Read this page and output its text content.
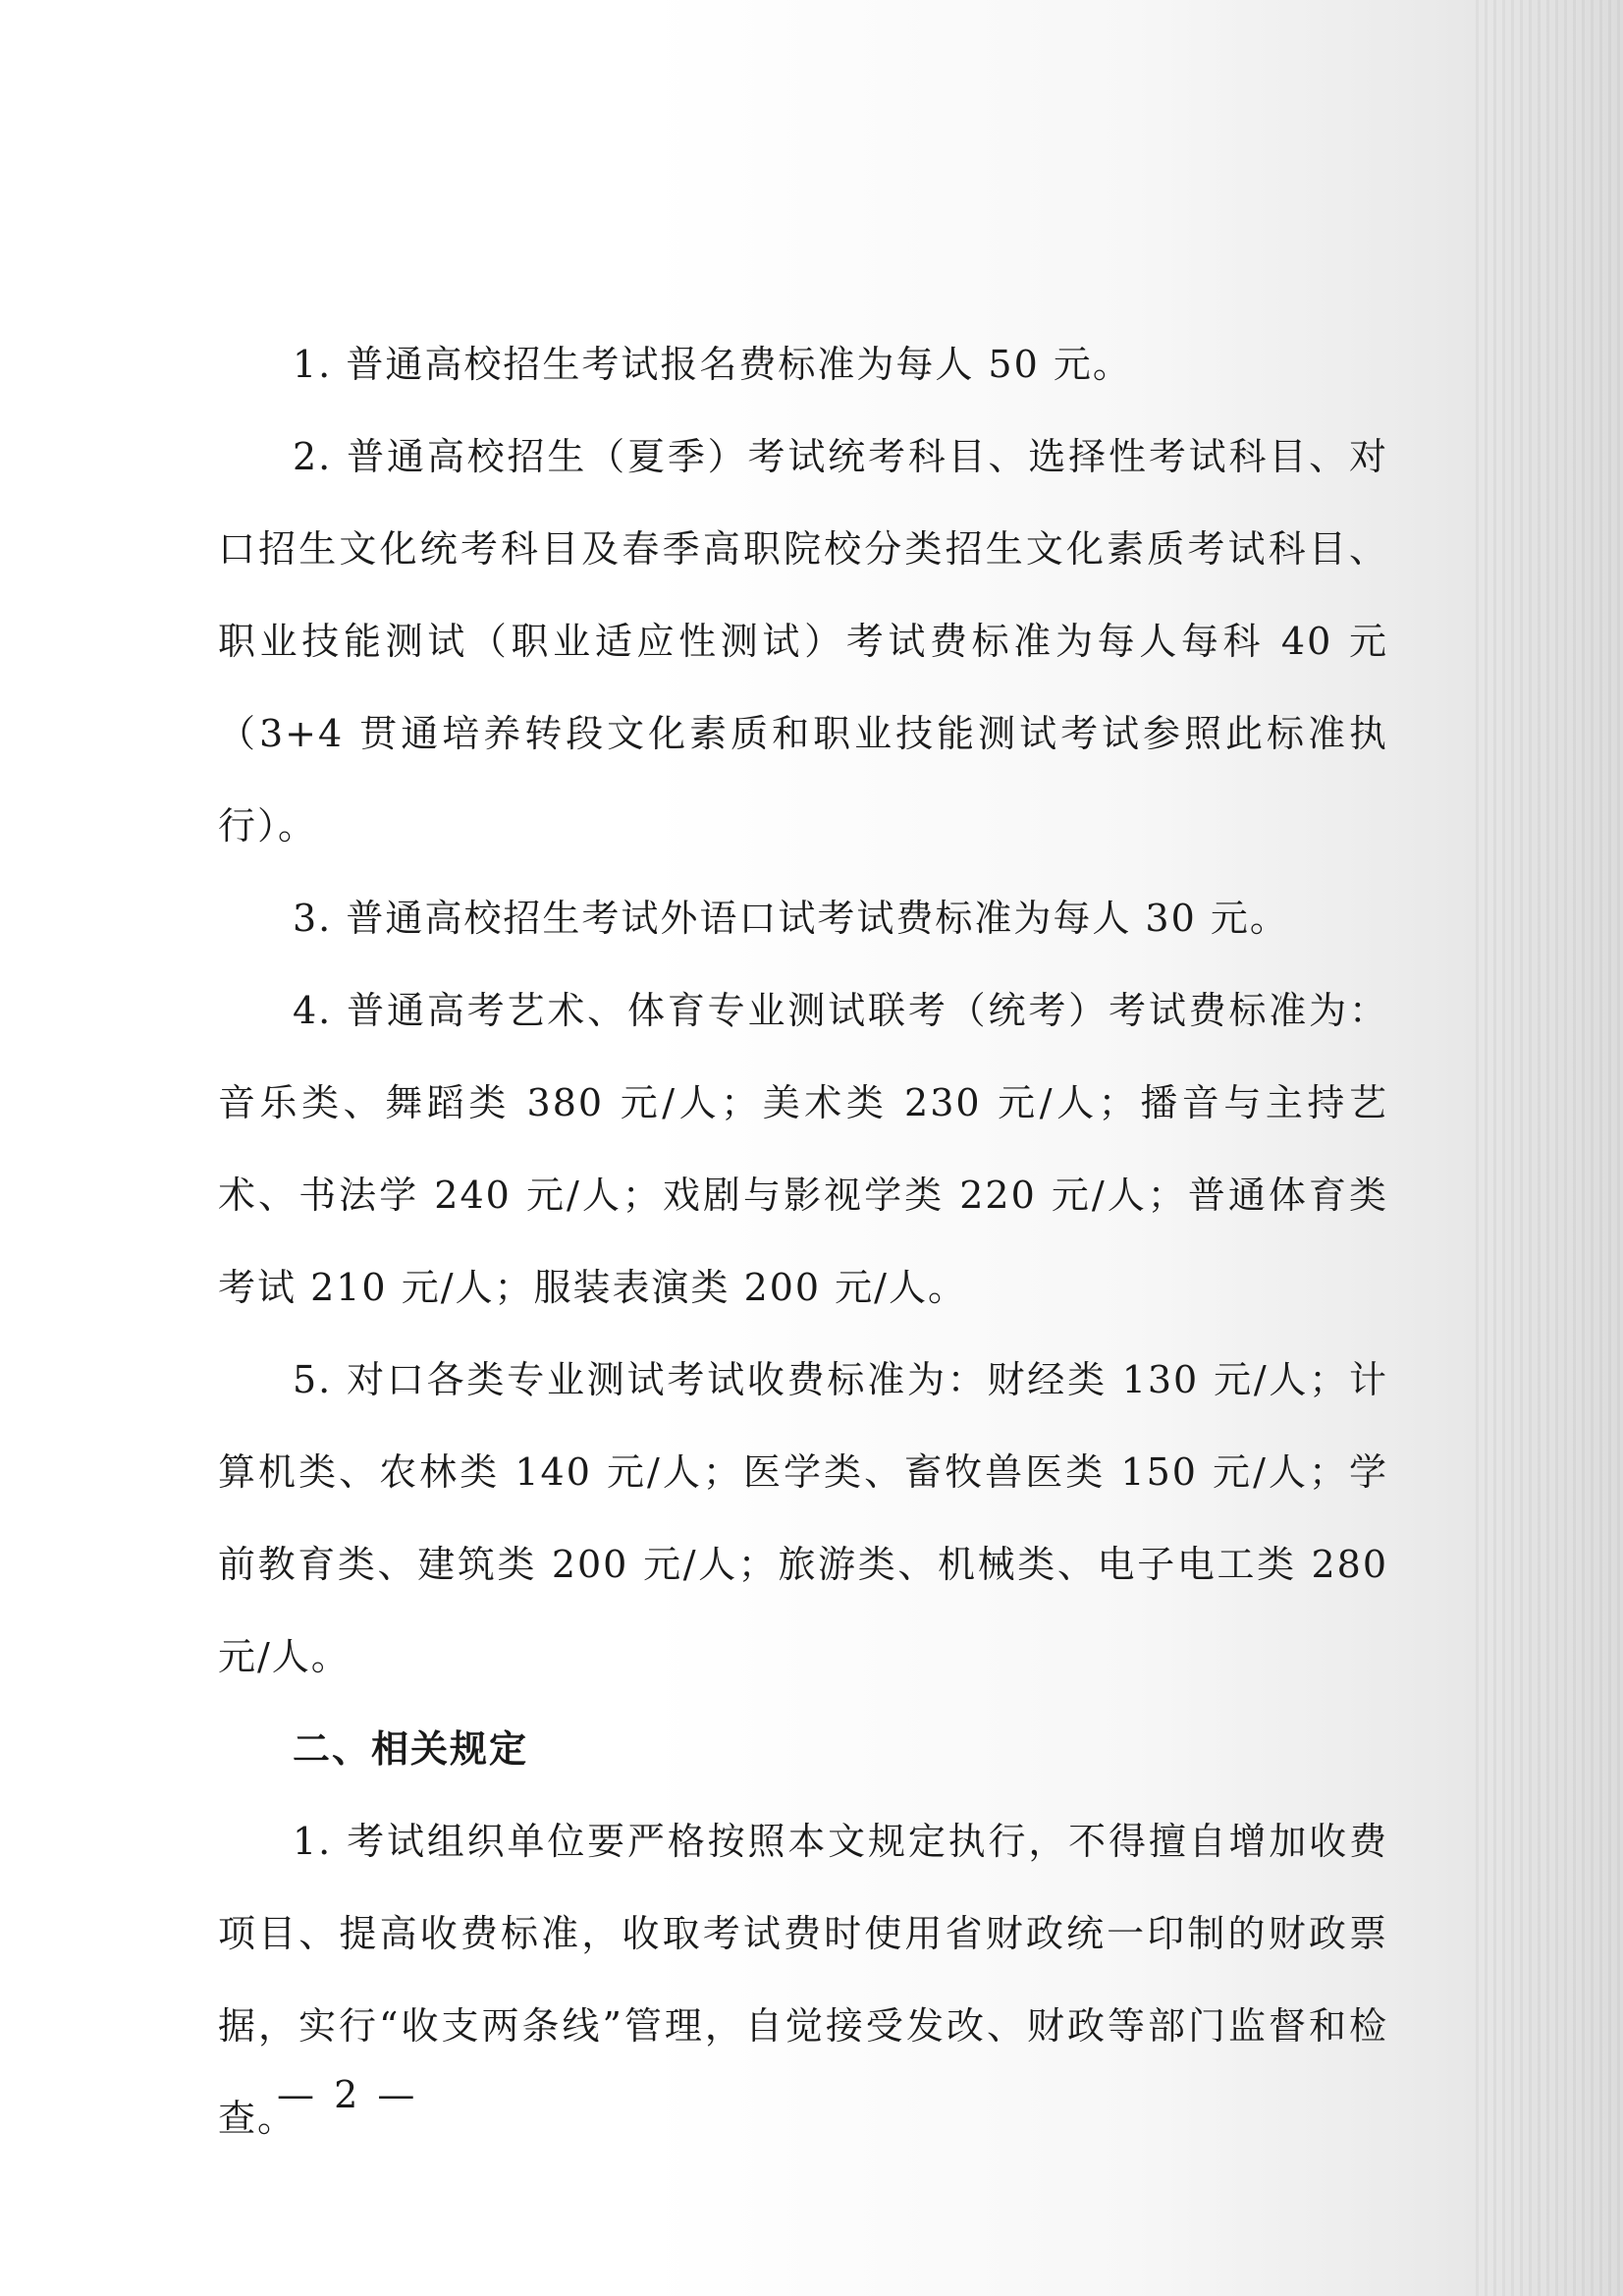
1. 普通高校招生考试报名费标准为每人 50 元。

2. 普通高校招生（夏季）考试统考科目、选择性考试科目、对口招生文化统考科目及春季高职院校分类招生文化素质考试科目、职业技能测试（职业适应性测试）考试费标准为每人每科 40 元（3+4 贯通培养转段文化素质和职业技能测试考试参照此标准执行）。

3. 普通高校招生考试外语口试考试费标准为每人 30 元。

4. 普通高考艺术、体育专业测试联考（统考）考试费标准为：音乐类、舞蹈类 380 元/人；美术类 230 元/人；播音与主持艺术、书法学 240 元/人；戏剧与影视学类 220 元/人；普通体育类考试 210 元/人；服装表演类 200 元/人。

5. 对口各类专业测试考试收费标准为：财经类 130 元/人；计算机类、农林类 140 元/人；医学类、畜牧兽医类 150 元/人；学前教育类、建筑类 200 元/人；旅游类、机械类、电子电工类 280 元/人。

二、相关规定

1. 考试组织单位要严格按照本文规定执行，不得擅自增加收费项目、提高收费标准，收取考试费时使用省财政统一印制的财政票据，实行“收支两条线”管理，自觉接受发改、财政等部门监督和检查。

— 2 —
